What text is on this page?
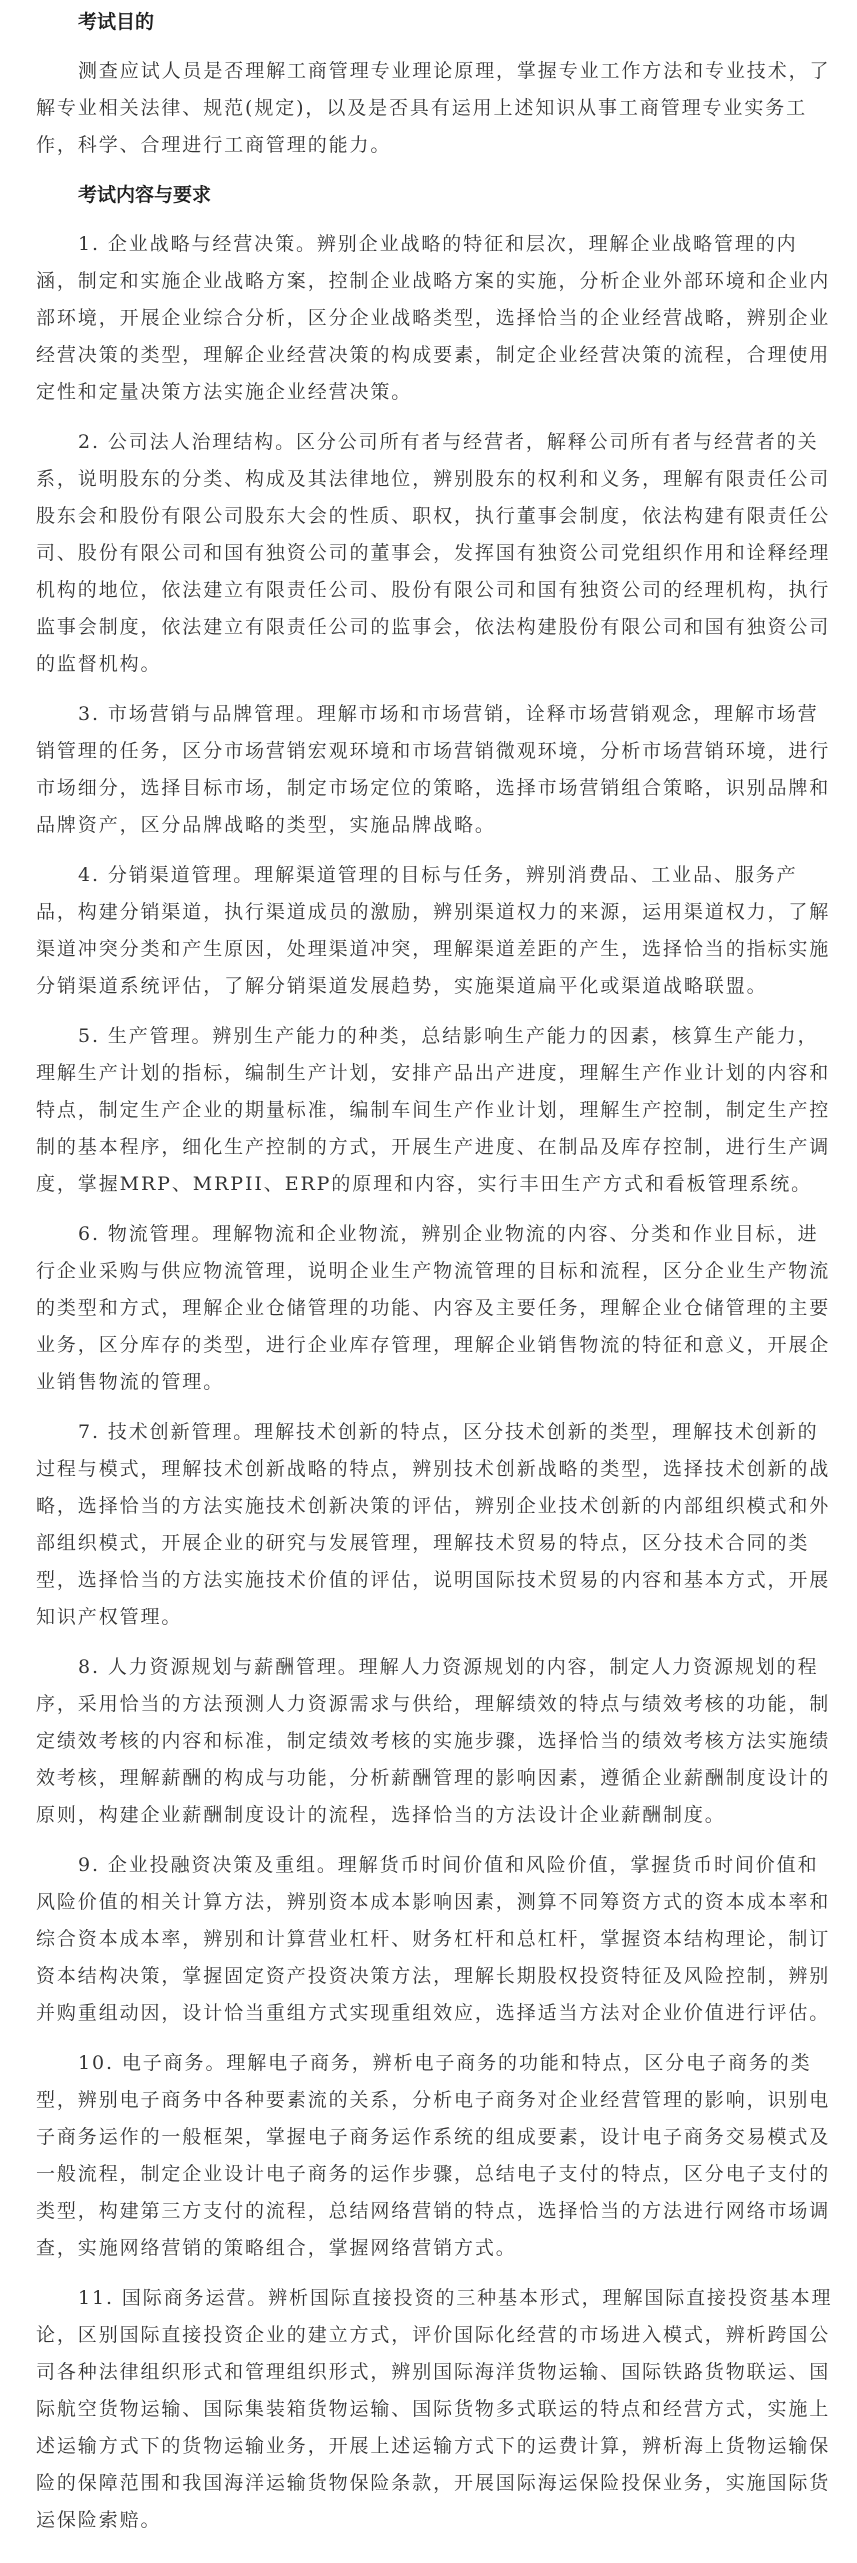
考试目的
测查应试人员是否理解工商管理专业理论原理，掌握专业工作方法和专业技术，了
解专业相关法律、规范(规定)，以及是否具有运用上述知识从事工商管理专业实务工
作，科学、合理进行工商管理的能力。
考试内容与要求
1. 企业战略与经营决策。辨别企业战略的特征和层次，理解企业战略管理的内
涵，制定和实施企业战略方案，控制企业战略方案的实施，分析企业外部环境和企业内
部环境，开展企业综合分析，区分企业战略类型，选择恰当的企业经营战略，辨别企业
经营决策的类型，理解企业经营决策的构成要素，制定企业经营决策的流程，合理使用
定性和定量决策方法实施企业经营决策。
2. 公司法人治理结构。区分公司所有者与经营者，解释公司所有者与经营者的关
系，说明股东的分类、构成及其法律地位，辨别股东的权利和义务，理解有限责任公司
股东会和股份有限公司股东大会的性质、职权，执行董事会制度，依法构建有限责任公
司、股份有限公司和国有独资公司的董事会，发挥国有独资公司党组织作用和诠释经理
机构的地位，依法建立有限责任公司、股份有限公司和国有独资公司的经理机构，执行
监事会制度，依法建立有限责任公司的监事会，依法构建股份有限公司和国有独资公司
的监督机构。
3. 市场营销与品牌管理。理解市场和市场营销，诠释市场营销观念，理解市场营
销管理的任务，区分市场营销宏观环境和市场营销微观环境，分析市场营销环境，进行
市场细分，选择目标市场，制定市场定位的策略，选择市场营销组合策略，识别品牌和
品牌资产，区分品牌战略的类型，实施品牌战略。
4. 分销渠道管理。理解渠道管理的目标与任务，辨别消费品、工业品、服务产
品，构建分销渠道，执行渠道成员的激励，辨别渠道权力的来源，运用渠道权力，了解
渠道冲突分类和产生原因，处理渠道冲突，理解渠道差距的产生，选择恰当的指标实施
分销渠道系统评估，了解分销渠道发展趋势，实施渠道扁平化或渠道战略联盟。
5. 生产管理。辨别生产能力的种类，总结影响生产能力的因素，核算生产能力，
理解生产计划的指标，编制生产计划，安排产品出产进度，理解生产作业计划的内容和
特点，制定生产企业的期量标准，编制车间生产作业计划，理解生产控制，制定生产控
制的基本程序，细化生产控制的方式，开展生产进度、在制品及库存控制，进行生产调
度，掌握MRP、MRPII、ERP的原理和内容，实行丰田生产方式和看板管理系统。
6. 物流管理。理解物流和企业物流，辨别企业物流的内容、分类和作业目标，进
行企业采购与供应物流管理，说明企业生产物流管理的目标和流程，区分企业生产物流
的类型和方式，理解企业仓储管理的功能、内容及主要任务，理解企业仓储管理的主要
业务，区分库存的类型，进行企业库存管理，理解企业销售物流的特征和意义，开展企
业销售物流的管理。
7. 技术创新管理。理解技术创新的特点，区分技术创新的类型，理解技术创新的
过程与模式，理解技术创新战略的特点，辨别技术创新战略的类型，选择技术创新的战
略，选择恰当的方法实施技术创新决策的评估，辨别企业技术创新的内部组织模式和外
部组织模式，开展企业的研究与发展管理，理解技术贸易的特点，区分技术合同的类
型，选择恰当的方法实施技术价值的评估，说明国际技术贸易的内容和基本方式，开展
知识产权管理。
8. 人力资源规划与薪酬管理。理解人力资源规划的内容，制定人力资源规划的程
序，采用恰当的方法预测人力资源需求与供给，理解绩效的特点与绩效考核的功能，制
定绩效考核的内容和标准，制定绩效考核的实施步骤，选择恰当的绩效考核方法实施绩
效考核，理解薪酬的构成与功能，分析薪酬管理的影响因素，遵循企业薪酬制度设计的
原则，构建企业薪酬制度设计的流程，选择恰当的方法设计企业薪酬制度。
9. 企业投融资决策及重组。理解货币时间价值和风险价值，掌握货币时间价值和
风险价值的相关计算方法，辨别资本成本影响因素，测算不同筹资方式的资本成本率和
综合资本成本率，辨别和计算营业杠杆、财务杠杆和总杠杆，掌握资本结构理论，制订
资本结构决策，掌握固定资产投资决策方法，理解长期股权投资特征及风险控制，辨别
并购重组动因，设计恰当重组方式实现重组效应，选择适当方法对企业价值进行评估。
10. 电子商务。理解电子商务，辨析电子商务的功能和特点，区分电子商务的类
型，辨别电子商务中各种要素流的关系，分析电子商务对企业经营管理的影响，识别电
子商务运作的一般框架，掌握电子商务运作系统的组成要素，设计电子商务交易模式及
一般流程，制定企业设计电子商务的运作步骤，总结电子支付的特点，区分电子支付的
类型，构建第三方支付的流程，总结网络营销的特点，选择恰当的方法进行网络市场调
查，实施网络营销的策略组合，掌握网络营销方式。
11. 国际商务运营。辨析国际直接投资的三种基本形式，理解国际直接投资基本理
论，区别国际直接投资企业的建立方式，评价国际化经营的市场进入模式，辨析跨国公
司各种法律组织形式和管理组织形式，辨别国际海洋货物运输、国际铁路货物联运、国
际航空货物运输、国际集装箱货物运输、国际货物多式联运的特点和经营方式，实施上
述运输方式下的货物运输业务，开展上述运输方式下的运费计算，辨析海上货物运输保
险的保障范围和我国海洋运输货物保险条款，开展国际海运保险投保业务，实施国际货
运保险索赔。
